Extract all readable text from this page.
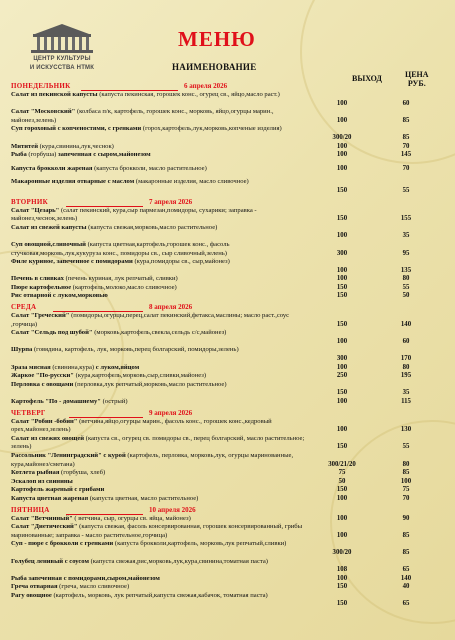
ЦЕНТР КУЛЬТУРЫ
И ИСКУССТВА НТМК
МЕНЮ
НАИМЕНОВАНИЕ
ВЫХОД	ЦЕНА
РУБ.
ПОНЕДЕЛЬНИК	6 апреля 2026
Салат из пекинской капусты (капуста пекинская, горошек конс., огурец св., яйцо,масло раст.)
100	60
Салат "Московский" (колбаса п/к, картофель, горошек конс., морковь, яйцо,огурцы марин., майонез,зелень)	100	85
Суп гороховый с копченостями, с гренками (горох,картофель,лук,морковь,копченые изделия)
300/20	85
Мититей (кура,свинина,лук,чеснок)	100	70
Рыба (горбуша) запеченная с сыром,майонезом	100	145
Капуста брокколи жареная (капуста брокколи, масло растительное)	100	70
Макаронные изделия отварные с маслом (макаронные изделия, масло сливочное)
150	55
ВТОРНИК	7 апреля 2026
Салат "Цезарь" (салат пекинский, кура,сыр пармезан,помидоры, сухарики; заправка - майонез,чеснок,зелень)	150	155
Салат из свежей капусты (капуста свежая,морковь,масло растительное)
100	35
Суп овощной,сливочный (капуста цветная,картофель,горошек конс., фасоль стучковая,морковь,лук,кукуруза конс., помидоры св., сыр сливочный,зелень)	300	95
Филе куриное, запеченное с помидорами (кура,помидоры св., сыр,майонез)
100	135
Печень в сливках (печень куриная, лук репчатый, сливки)	100	80
Пюре картофельное (картофель,молоко,масло сливочное)	150	55
Рис отварной с луком,морковью	150	50
СРЕДА	8 апреля 2026
Салат "Греческий" (помидоры,огурцы,перец,салат пекинский,фетакса,маслины; масло раст.,соус ,горчица)	150	140
Салат "Сельдь под шубой" (морковь,картофель,свекла,сельдь с/с,майонез)
100	60
Шурпа (говядина, картофель, лук, морковь,перец болгарский, помидоры,зелень)
300	170
Зраза мясная (свинина,кура) с луком,яйцом	100	80
Жаркое "По-русски" (кура,картофель,морковь,сыр,сливки,майонез)	250	195
Перловка с овощами (перловка,лук репчатый,морковь,масло растительное)
150	35
Картофель "По - домашнему" (острый)	100	115
ЧЕТВЕРГ	9 апреля 2026
Салат "Робин -бобин" (ветчина,яйцо,огурцы марин., фасоль конс., горошек конс.,кедровый орех,майонез,зелень)	100	130
Салат из свежих овощей (капуста св., огурец св. помидоры св., перец болгарский, масло растительное; зелень)	150	55
Рассольник "Ленинградский" с курой (картофель, перловка, морковь,лук, огурцы маринованные, кура,майонез/сметана)	300/21/20	80
Котлета рыбная (горбуша, хлеб)	75	85
Эскалоп из свинины	50	100
Картофель жареный с грибами	150	75
Капуста цветная жареная (капуста цветная, масло растительное)	100	70
ПЯТНИЦА	10 апреля 2026
Салат "Ветчинный" ( ветчина, сыр, огурцы св. яйца, майонез)	100	90
Салат "Диетический" (капуста свежая, фасоль консервированная, горошек консервированный, грибы маринованные; заправка - масло растительное,горчица)	100	85
Суп - пюре с брокколи с гренками (капуста брокколи,картофель, морковь,лук репчатый,сливки)
300/20	85
Голубец ленивый с соусом (капуста свежая,рис,морковь,лук,кура,свинина,томатная паста)
108	65
Рыба запеченная с помидорами,сыром,майонезом	100	140
Греча отварная (греча, масло сливочное)	150	40
Рагу овощное (картофель, морковь, лук репчатый,капуста свежая,кабачок, томатная паста)
150	65
